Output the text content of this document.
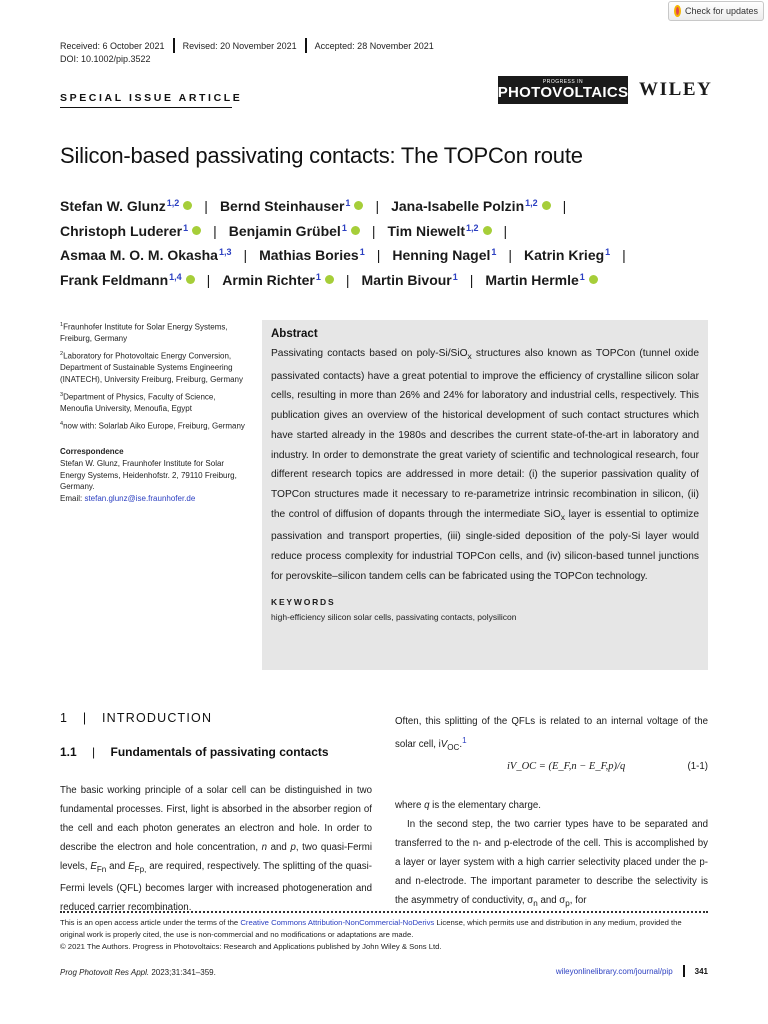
Check for updates
Received: 6 October 2021 Revised: 20 November 2021 Accepted: 28 November 2021
DOI: 10.1002/pip.3522
SPECIAL ISSUE ARTICLE
PROGRESS IN
PHOTOVOLTAICS WILEY
Silicon-based passivating contacts: The TOPCon route
Stefan W. Glunz$^{1,2}$ | Bernd Steinhauser$^1$ | Jana-Isabelle Polzin$^{1,2}$ |
Christoph Luderer$^1$ | Benjamin Grübel$^1$ | Tim Niewelt$^{1,2}$ |
Asmaa M. O. M. Okasha$^{1,3}$ | Mathias Bories$^1$ | Henning Nagel$^1$ | Katrin Krieg$^1$ |
Frank Feldmann$^{1,4}$ | Armin Richter$^1$ | Martin Bivour$^1$ | Martin Hermle$^1$
$^1$Fraunhofer Institute for Solar Energy Systems, Freiburg, Germany
$^2$Laboratory for Photovoltaic Energy Conversion, Department of Sustainable Systems Engineering (INATECH), University Freiburg, Freiburg, Germany
$^3$Department of Physics, Faculty of Science, Menoufia University, Menoufia, Egypt
$^4$now with: Solarlab Aiko Europe, Freiburg, Germany
Correspondence
Stefan W. Glunz, Fraunhofer Institute for Solar Energy Systems, Heidenhofstr. 2, 79110 Freiburg, Germany.
Email: stefan.glunz@ise.fraunhofer.de
Abstract
Passivating contacts based on poly-Si/SiO$_x$ structures also known as TOPCon (tunnel oxide passivated contacts) have a great potential to improve the efficiency of crystalline silicon solar cells, resulting in more than 26% and 24% for laboratory and industrial cells, respectively. This publication gives an overview of the historical development of such contact structures which have started already in the 1980s and describes the current state-of-the-art in laboratory and industry. In order to demonstrate the great variety of scientific and technological research, four different research topics are addressed in more detail: (i) the superior passivation quality of TOPCon structures made it necessary to re-parametrize intrinsic recombination in silicon, (ii) the control of diffusion of dopants through the intermediate SiO$_x$ layer is essential to optimize passivation and transport properties, (iii) single-sided deposition of the poly-Si layer would reduce process complexity for industrial TOPCon cells, and (iv) silicon-based tunnel junctions for perovskite–silicon tandem cells can be fabricated using the TOPCon technology.
KEYWORDS
high-efficiency silicon solar cells, passivating contacts, polysilicon
1 | INTRODUCTION
1.1 | Fundamentals of passivating contacts
The basic working principle of a solar cell can be distinguished in two fundamental processes. First, light is absorbed in the absorber region of the cell and each photon generates an electron and hole. In order to describe the electron and hole concentration, n and p, two quasi-Fermi levels, $E_{Fn}$ and $E_{Fp,}$ are required, respectively. The splitting of the quasi-Fermi levels (QFL) becomes larger with increased photogeneration and reduced carrier recombination.
Often, this splitting of the QFLs is related to an internal voltage of the solar cell, $iV_{OC}.^1$
iV_OC = (E_F,n − E_F,p)/q	(1-1)
where q is the elementary charge.
In the second step, the two carrier types have to be separated and transferred to the n- and p-electrode of the cell. This is accomplished by a layer or layer system with a high carrier selectivity placed under the p- and n-electrode. The important parameter to describe the selectivity is the asymmetry of conductivity, $\sigma_n$ and $\sigma_p$, for
This is an open access article under the terms of the Creative Commons Attribution-NonCommercial-NoDerivs License, which permits use and distribution in any medium, provided the original work is properly cited, the use is non-commercial and no modifications or adaptations are made.
© 2021 The Authors. Progress in Photovoltaics: Research and Applications published by John Wiley & Sons Ltd.
Prog Photovolt Res Appl. 2023;31:341–359.	wileyonlinelibrary.com/journal/pip	341
